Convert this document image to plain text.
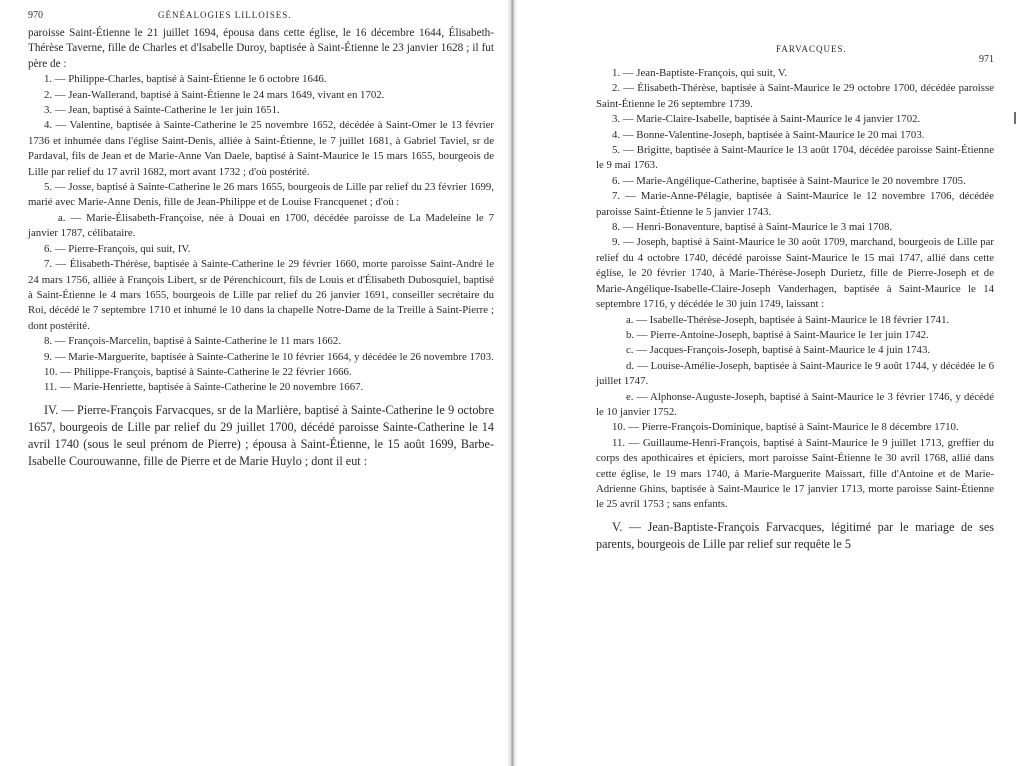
970	GÉNÉALOGIES LILLOISES.

paroisse Saint-Étienne le 21 juillet 1694, épousa dans cette église, le 16 décembre 1644, Élisabeth-Thérèse Taverne, fille de Charles et d'Isabelle Duroy, baptisée à Saint-Étienne le 23 janvier 1628 ; il fut père de :

1. — Philippe-Charles, baptisé à Saint-Étienne le 6 octobre 1646.

2. — Jean-Wallerand, baptisé à Saint-Étienne le 24 mars 1649, vivant en 1702.

3. — Jean, baptisé à Sainte-Catherine le 1er juin 1651.

4. — Valentine, baptisée à Sainte-Catherine le 25 novembre 1652, décédée à Saint-Omer le 13 février 1736 et inhumée dans l'église Saint-Denis, alliée à Saint-Étienne, le 7 juillet 1681, à Gabriel Taviel, sr de Pardaval, fils de Jean et de Marie-Anne Van Daele, baptisé à Saint-Maurice le 15 mars 1655, bourgeois de Lille par relief du 17 avril 1682, mort avant 1732 ; d'où postérité.

5. — Josse, baptisé à Sainte-Catherine le 26 mars 1655, bourgeois de Lille par relief du 23 février 1699, marié avec Marie-Anne Denis, fille de Jean-Philippe et de Louise Francquenet ; d'où :

a. — Marie-Élisabeth-Françoise, née à Douai en 1700, décédée paroisse de La Madeleine le 7 janvier 1787, célibataire.

6. — Pierre-François, qui suit, IV.

7. — Élisabeth-Thérèse, baptisée à Sainte-Catherine le 29 février 1660, morte paroisse Saint-André le 24 mars 1756, alliée à François Libert, sr de Pérenchicourt, fils de Louis et d'Élisabeth Dubosquiel, baptisé à Saint-Étienne le 4 mars 1655, bourgeois de Lille par relief du 26 janvier 1691, conseiller secrétaire du Roi, décédé le 7 septembre 1710 et inhumé le 10 dans la chapelle Notre-Dame de la Treille à Saint-Pierre ; dont postérité.

8. — François-Marcelin, baptisé à Sainte-Catherine le 11 mars 1662.

9. — Marie-Marguerite, baptisée à Sainte-Catherine le 10 février 1664, y décédée le 26 novembre 1703.

10. — Philippe-François, baptisé à Sainte-Catherine le 22 février 1666.

11. — Marie-Henriette, baptisée à Sainte-Catherine le 20 novembre 1667.

IV. — Pierre-François Farvacques, sr de la Marlière, baptisé à Sainte-Catherine le 9 octobre 1657, bourgeois de Lille par relief du 29 juillet 1700, décédé paroisse Sainte-Catherine le 14 avril 1740 (sous le seul prénom de Pierre) ; épousa à Saint-Étienne, le 15 août 1699, Barbe-Isabelle Courouwanne, fille de Pierre et de Marie Huylo ; dont il eut :

FARVACQUES.
971

1. — Jean-Baptiste-François, qui suit, V.

2. — Élisabeth-Thérèse, baptisée à Saint-Maurice le 29 octobre 1700, décédée paroisse Saint-Étienne le 26 septembre 1739.

3. — Marie-Claire-Isabelle, baptisée à Saint-Maurice le 4 janvier 1702.

4. — Bonne-Valentine-Joseph, baptisée à Saint-Maurice le 20 mai 1703.

5. — Brigitte, baptisée à Saint-Maurice le 13 août 1704, décédée paroisse Saint-Étienne le 9 mai 1763.

6. — Marie-Angélique-Catherine, baptisée à Saint-Maurice le 20 novembre 1705.

7. — Marie-Anne-Pélagie, baptisée à Saint-Maurice le 12 novembre 1706, décédée paroisse Saint-Étienne le 5 janvier 1743.

8. — Henri-Bonaventure, baptisé à Saint-Maurice le 3 mai 1708.

9. — Joseph, baptisé à Saint-Maurice le 30 août 1709, marchand, bourgeois de Lille par relief du 4 octobre 1740, décédé paroisse Saint-Maurice le 15 mai 1747, allié dans cette église, le 20 février 1740, à Marie-Thérèse-Joseph Durietz, fille de Pierre-Joseph et de Marie-Angélique-Isabelle-Claire-Joseph Vanderhagen, baptisée à Saint-Maurice le 14 septembre 1716, y décédée le 30 juin 1749, laissant :

a. — Isabelle-Thérèse-Joseph, baptisée à Saint-Maurice le 18 février 1741.

b. — Pierre-Antoine-Joseph, baptisé à Saint-Maurice le 1er juin 1742.

c. — Jacques-François-Joseph, baptisé à Saint-Maurice le 4 juin 1743.

d. — Louise-Amélie-Joseph, baptisée à Saint-Maurice le 9 août 1744, y décédée le 6 juillet 1747.

e. — Alphonse-Auguste-Joseph, baptisé à Saint-Maurice le 3 février 1746, y décédé le 10 janvier 1752.

10. — Pierre-François-Dominique, baptisé à Saint-Maurice le 8 décembre 1710.

11. — Guillaume-Henri-François, baptisé à Saint-Maurice le 9 juillet 1713, greffier du corps des apothicaires et épiciers, mort paroisse Saint-Étienne le 30 avril 1768, allié dans cette église, le 19 mars 1740, à Marie-Marguerite Maissart, fille d'Antoine et de Marie-Adrienne Ghins, baptisée à Saint-Maurice le 17 janvier 1713, morte paroisse Saint-Étienne le 25 avril 1753 ; sans enfants.

V. — Jean-Baptiste-François Farvacques, légitimé par le mariage de ses parents, bourgeois de Lille par relief sur requête le 5
